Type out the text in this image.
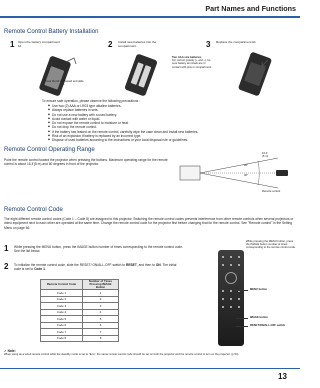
Part Names and Functions
Remote Control Battery Installation
1 Open the battery compartment lid.	2 Install new batteries into the compartment.	3 Replace the compartment lid.
Press the lid downward and slide it.
Two AAA size batteries
For correct polarity (+ and –), be sure battery terminals are in contact with pins in compartment.
To ensure safe operation, please observe the following precautions :
◆ Use two (2) AAA or LR03 type alkaline batteries.
◆ Always replace batteries in sets.
◆ Do not use a new battery with a used battery.
◆ Avoid contact with water or liquid.
◆ Do not expose the remote control to moisture or heat.
◆ Do not drop the remote control.
◆ If the battery has leaked on the remote control, carefully wipe the case clean and install new batteries.
◆ Risk of an explosion if battery is replaced by an incorrect type.
◆ Dispose of used batteries according to the instructions or your local disposal rule or guidelines.
Remote Control Operating Range
Point the remote control toward the projector when pressing the buttons. Maximum operating range for the remote control is about 16.4'(5 m) and 60 degrees in front of the projector.
16.4'
(5 m)
30°
30°
Remote control
Remote Control Code
The eight different remote control codes (Code 1 – Code 8) are assigned to this projector. Switching the remote control codes prevents interference from other remote controls when several projectors or video equipment next to each other are operated at the same time. Change the remote control code for the projector first before changing that for the remote control. See "Remote control" in the Setting Menu on page 56.
1 While pressing the MENU button, press the IMAGE button number of times corresponding to the remote control code. See the list below.
2 To initialize the remote control code, slide the RESET/ ON/ALL-OFF switch to RESET, and then to ON. The initial code is set to Code 1.
Remote Control Code	Number of Times Pressing IMAGE Button
Code 1	1
Code 2	2
Code 3	3
Code 4	4
Code 5	5
Code 6	6
Code 7	7
Code 8	8
While pressing the MENU button, press the IMAGE button number of times corresponding to the remote control code.
MENU button
IMAGE button
RESET/ON/ALL-OFF switch
✓ Note:
When using as a wired remote control while the standby mode is set to "Eco", the same remote control code should be set on both the projector and the remote control to turn on the projector. (p.54)
13
